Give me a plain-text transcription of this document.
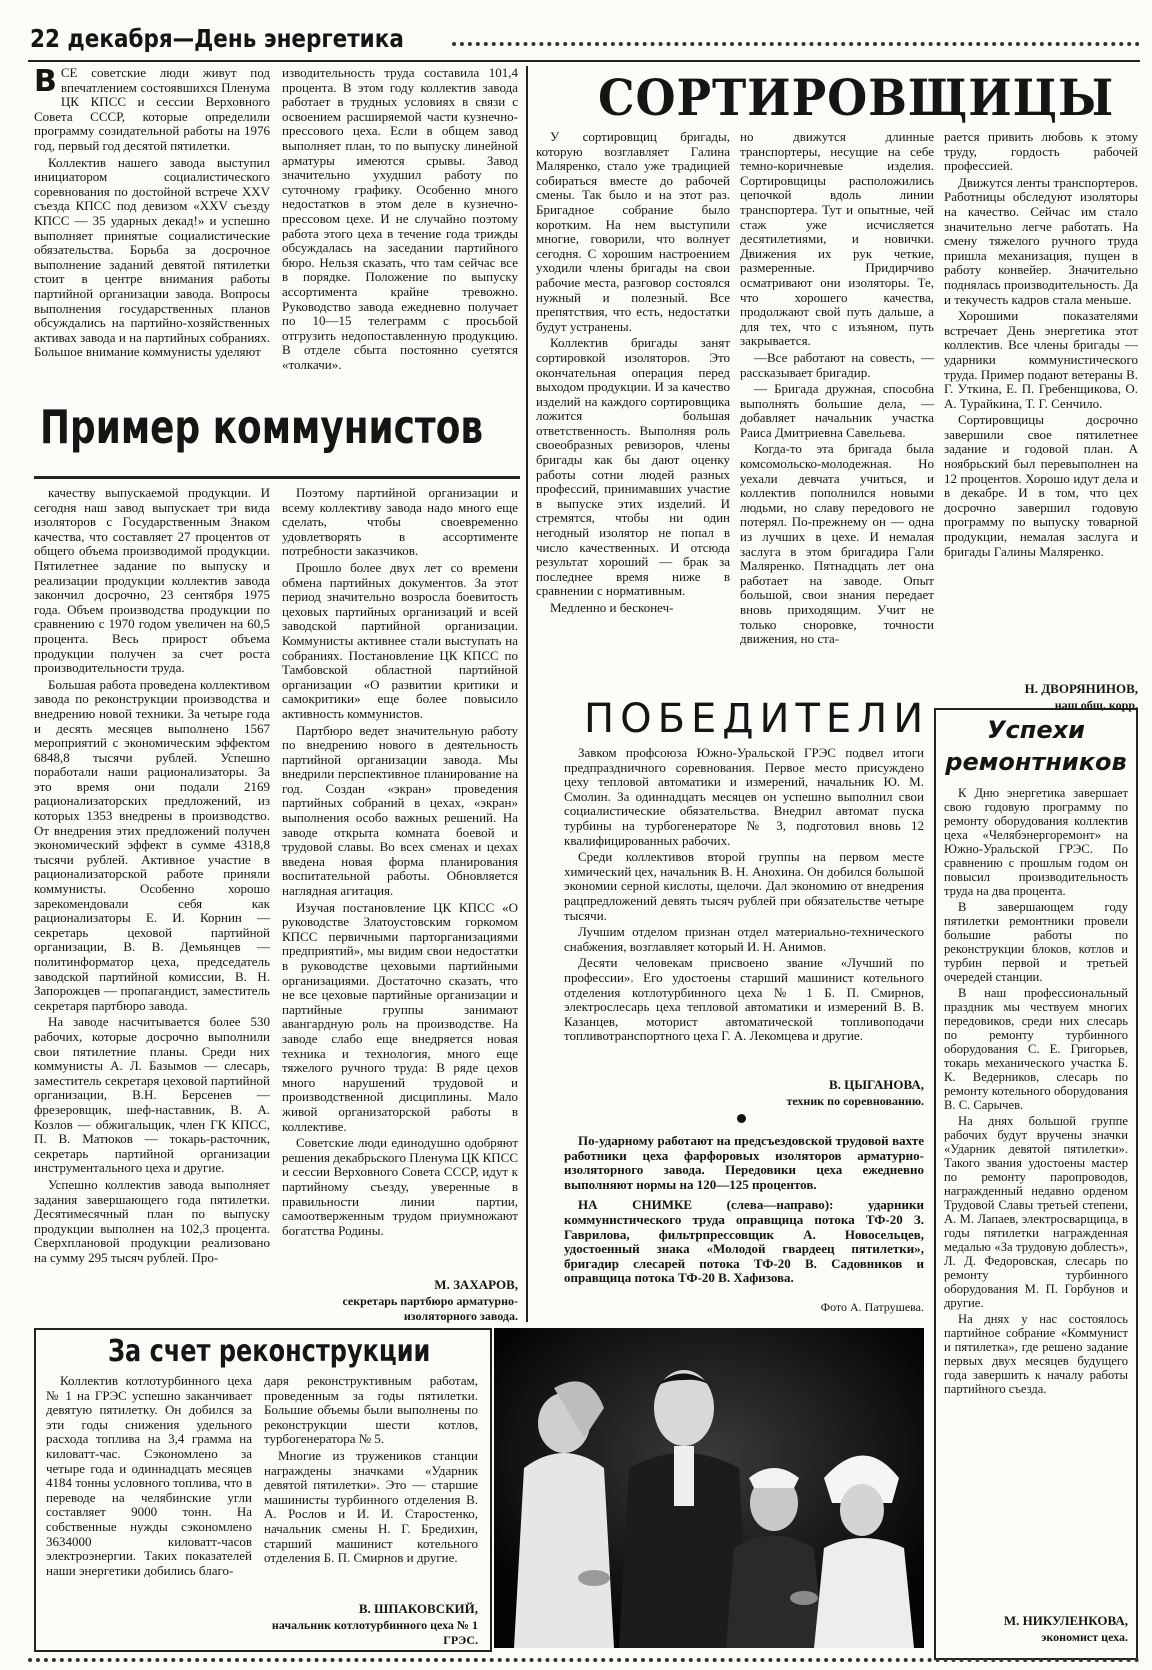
22 декабря—День энергетика
В СЕ советские люди живут под впечатлением состоявшихся Пленума ЦК КПСС и сессии Верховного Совета СССР, которые определили программу созидательной работы на 1976 год, первый год десятой пятилетки.

Коллектив нашего завода выступил инициатором социалистического соревнования по достойной встрече XXV съезда КПСС под девизом «XXV съезду КПСС — 35 ударных декад!» и успешно выполняет принятые социалистические обязательства. Борьба за досрочное выполнение заданий девятой пятилетки стоит в центре внимания работы партийной организации завода. Вопросы выполнения государственных планов обсуждались на партийно-хозяйственных активах завода и на партийных собраниях. Большое внимание коммунисты уделяют

изводительность труда составила 101,4 процента. В этом году коллектив завода работает в трудных условиях в связи с освоением расширяемой части кузнечно-прессового цеха. Если в общем завод выполняет план, то по выпуску линейной арматуры имеются срывы. Завод значительно ухудшил работу по суточному графику. Особенно много недостатков в этом деле в кузнечно-прессовом цехе. И не случайно поэтому работа этого цеха в течение года трижды обсуждалась на заседании партийного бюро. Нельзя сказать, что там сейчас все в порядке. Положение по выпуску ассортимента крайне тревожно. Руководство завода ежедневно получает по 10—15 телеграмм с просьбой отгрузить недопоставленную продукцию. В отделе сбыта постоянно суетятся «толкачи».

Пример коммунистов

качеству выпускаемой продукции. И сегодня наш завод выпускает три вида изоляторов с Государственным Знаком качества, что составляет 27 процентов от общего объема производимой продукции. Пятилетнее задание по выпуску и реализации продукции коллектив завода закончил досрочно, 23 сентября 1975 года. Объем производства продукции по сравнению с 1970 годом увеличен на 60,5 процента. Весь прирост объема продукции получен за счет роста производительности труда.

Большая работа проведена коллективом завода по реконструкции производства и внедрению новой техники. За четыре года и десять месяцев выполнено 1567 мероприятий с экономическим эффектом 6848,8 тысячи рублей. Успешно поработали наши рационализаторы. За это время они подали 2169 рационализаторских предложений, из которых 1353 внедрены в производство. От внедрения этих предложений получен экономический эффект в сумме 4318,8 тысячи рублей. Активное участие в рационализаторской работе приняли коммунисты. Особенно хорошо зарекомендовали себя как рационализаторы Е. И. Корнин — секретарь цеховой партийной организации, В. В. Демьянцев — политинформатор цеха, председатель заводской партийной комиссии, В. Н. Запорожцев — пропагандист, заместитель секретаря партбюро завода.

На заводе насчитывается более 530 рабочих, которые досрочно выполнили свои пятилетние планы. Среди них коммунисты А. Л. Базымов — слесарь, заместитель секретаря цеховой партийной организации, В.Н. Берсенев — фрезеровщик, шеф-наставник, В. А. Козлов — обжигальщик, член ГК КПСС, П. В. Матюков — токарь-расточник, секретарь партийной организации инструментального цеха и другие.

Успешно коллектив завода выполняет задания завершающего года пятилетки. Десятимесячный план по выпуску продукции выполнен на 102,3 процента. Сверхплановой продукции реализовано на сумму 295 тысяч рублей. Про-

Поэтому партийной организации и всему коллективу завода надо много еще сделать, чтобы своевременно удовлетворять в ассортименте потребности заказчиков.

Прошло более двух лет со времени обмена партийных документов. За этот период значительно возросла боевитость цеховых партийных организаций и всей заводской партийной организации. Коммунисты активнее стали выступать на собраниях. Постановление ЦК КПСС по Тамбовской областной партийной организации «О развитии критики и самокритики» еще более повысило активность коммунистов.

Партбюро ведет значительную работу по внедрению нового в деятельность партийной организации завода. Мы внедрили перспективное планирование на год. Создан «экран» проведения партийных собраний в цехах, «экран» выполнения особо важных решений. На заводе открыта комната боевой и трудовой славы. Во всех сменах и цехах введена новая форма планирования воспитательной работы. Обновляется наглядная агитация.

Изучая постановление ЦК КПСС «О руководстве Златоустовским горкомом КПСС первичными парторганизациями предприятий», мы видим свои недостатки в руководстве цеховыми партийными организациями. Достаточно сказать, что не все цеховые партийные организации и партийные группы занимают авангардную роль на производстве. На заводе слабо еще внедряется новая техника и технология, много еще тяжелого ручного труда: В ряде цехов много нарушений трудовой и производственной дисциплины. Мало живой организаторской работы в коллективе.

Советские люди единодушно одобряют решения декабрьского Пленума ЦК КПСС и сессии Верховного Совета СССР, идут к партийному съезду, уверенные в правильности линии партии, самоотверженным трудом приумножают богатства Родины.

М. ЗАХАРОВ,
секретарь партбюро арматурно-изоляторного завода.
СОРТИРОВЩИЦЫ

У сортировщиц бригады, которую возглавляет Галина Маляренко, стало уже традицией собираться вместе до рабочей смены. Так было и на этот раз. Бригадное собрание было коротким. На нем выступили многие, говорили, что волнует сегодня. С хорошим настроением уходили члены бригады на свои рабочие места, разговор состоялся нужный и полезный. Все препятствия, что есть, недостатки будут устранены.

Коллектив бригады занят сортировкой изоляторов. Это окончательная операция перед выходом продукции. И за качество изделий на каждого сортировщика ложится большая ответственность. Выполняя роль своеобразных ревизоров, члены бригады как бы дают оценку работы сотни людей разных профессий, принимавших участие в выпуске этих изделий. И стремятся, чтобы ни один негодный изолятор не попал в число качественных. И отсюда результат хороший — брак за последнее время ниже в сравнении с нормативным.

Медленно и бесконеч-

но движутся длинные транспортеры, несущие на себе темно-коричневые изделия. Сортировщицы расположились цепочкой вдоль линии транспортера. Тут и опытные, чей стаж уже исчисляется десятилетиями, и новички. Движения их рук четкие, размеренные. Придирчиво осматривают они изоляторы. Те, что хорошего качества, продолжают свой путь дальше, а для тех, что с изъяном, путь закрывается.

—Все работают на совесть, — рассказывает бригадир.

— Бригада дружная, способна выполнять большие дела, — добавляет начальник участка Раиса Дмитриевна Савельева.

Когда-то эта бригада была комсомольско-молодежная. Но уехали девчата учиться, и коллектив пополнился новыми людьми, но славу передового не потерял. По-прежнему он — одна из лучших в цехе. И немалая заслуга в этом бригадира Гали Маляренко. Пятнадцать лет она работает на заводе. Опыт большой, свои знания передает вновь приходящим. Учит не только сноровке, точности движения, но ста-

рается привить любовь к этому труду, гордость рабочей профессией.

Движутся ленты транспортеров. Работницы обследуют изоляторы на качество. Сейчас им стало значительно легче работать. На смену тяжелого ручного труда пришла механизация, пущен в работу конвейер. Значительно поднялась производительность. Да и текучесть кадров стала меньше.

Хорошими показателями встречает День энергетика этот коллектив. Все члены бригады — ударники коммунистического труда. Пример подают ветераны В. Г. Уткина, Е. П. Гребенщикова, О. А. Турайкина, Т. Г. Сенчило.

Сортировщицы досрочно завершили свое пятилетнее задание и годовой план. А ноябрьский был перевыполнен на 12 процентов. Хорошо идут дела и в декабре. И в том, что цех досрочно завершил годовую программу по выпуску товарной продукции, немалая заслуга и бригады Галины Маляренко.

Н. ДВОРЯНИНОВ,
наш общ. корр.
ПОБЕДИТЕЛИ

Завком профсоюза Южно-Уральской ГРЭС подвел итоги предпраздничного соревнования. Первое место присуждено цеху тепловой автоматики и измерений, начальник Ю. М. Смолин. За одиннадцать месяцев он успешно выполнил свои социалистические обязательства. Внедрил автомат пуска турбины на турбогенераторе № 3, подготовил вновь 12 квалифицированных рабочих.

Среди коллективов второй группы на первом месте химический цех, начальник В. Н. Анохина. Он добился большой экономии серной кислоты, щелочи. Дал экономию от внедрения рацпредложений девять тысяч рублей при обязательстве четыре тысячи.

Лучшим отделом признан отдел материально-технического снабжения, возглавляет который И. Н. Анимов.

Десяти человекам присвоено звание «Лучший по профессии». Его удостоены старший машинист котельного отделения котлотурбинного цеха № 1 Б. П. Смирнов, электрослесарь цеха тепловой автоматики и измерений В. В. Казанцев, моторист автоматической топливоподачи топливотранспортного цеха Г. А. Лекомцева и другие.

В. ЦЫГАНОВА,
техник по соревнованию.

По-ударному работают на предсъездовской трудовой вахте работники цеха фарфоровых изоляторов арматурно-изоляторного завода. Передовики цеха ежедневно выполняют нормы на 120—125 процентов.

НА СНИМКЕ (слева—направо): ударники коммунистического труда оправщица потока ТФ-20 З. Гаврилова, фильтрпрессовщик А. Новосельцев, удостоенный знака «Молодой гвардеец пятилетки», бригадир слесарей потока ТФ-20 В. Садовников и оправщица потока ТФ-20 В. Хафизова.

Фото А. Патрушева.
Успехи
ремонтников

К Дню энергетика завершает свою годовую программу по ремонту оборудования коллектив цеха «Челябэнергоремонт» на Южно-Уральской ГРЭС. По сравнению с прошлым годом он повысил производительность труда на два процента.

В завершающем году пятилетки ремонтники провели большие работы по реконструкции блоков, котлов и турбин первой и третьей очередей станции.

В наш профессиональный праздник мы чествуем многих передовиков, среди них слесарь по ремонту турбинного оборудования С. Е. Григорьев, токарь механического участка Б. К. Ведерников, слесарь по ремонту котельного оборудования В. С. Сарычев.

На днях большой группе рабочих будут вручены значки «Ударник девятой пятилетки». Такого звания удостоены мастер по ремонту паропроводов, награжденный недавно орденом Трудовой Славы третьей степени, А. М. Лапаев, электросварщица, в годы пятилетки награжденная медалью «За трудовую доблесть», Л. Д. Федоровская, слесарь по ремонту турбинного оборудования М. П. Горбунов и другие.

На днях у нас состоялось партийное собрание «Коммунист и пятилетка», где решено задание первых двух месяцев будущего года завершить к началу работы партийного съезда.

М. НИКУЛЕНКОВА,
экономист цеха.
За счет реконструкции

Коллектив котлотурбинного цеха № 1 на ГРЭС успешно заканчивает девятую пятилетку. Он добился за эти годы снижения удельного расхода топлива на 3,4 грамма на киловатт-час. Сэкономлено за четыре года и одиннадцать месяцев 4184 тонны условного топлива, что в переводе на челябинские угли составляет 9000 тонн. На собственные нужды сэкономлено 3634000 киловатт-часов электроэнергии. Таких показателей наши энергетики добились благо-

даря реконструктивным работам, проведенным за годы пятилетки. Большие объемы были выполнены по реконструкции шести котлов, турбогенератора № 5.

Многие из тружеников станции награждены значками «Ударник девятой пятилетки». Это — старшие машинисты турбинного отделения В. А. Рослов и И. И. Старостенко, начальник смены Н. Г. Бредихин, старший машинист котельного отделения Б. П. Смирнов и другие.

В. ШПАКОВСКИЙ,
начальник котлотурбинного цеха № 1 ГРЭС.
